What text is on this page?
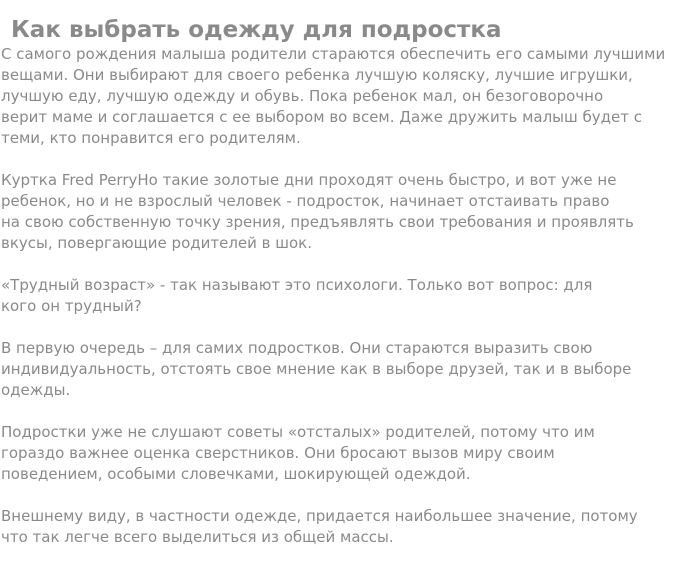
Как выбрать одежду для подростка

С самого рождения малыша родители стараются обеспечить его самыми лучшими
вещами. Они выбирают для своего ребенка лучшую коляску, лучшие игрушки,
лучшую еду, лучшую одежду и обувь. Пока ребенок мал, он безоговорочно
верит маме и соглашается с ее выбором во всем. Даже дружить малыш будет с
теми, кто понравится его родителям.

Куртка Fred PerryНо такие золотые дни проходят очень быстро, и вот уже не
ребенок, но и не взрослый человек - подросток, начинает отстаивать право
на свою собственную точку зрения, предъявлять свои требования и проявлять
вкусы, повергающие родителей в шок.

«Трудный возраст» - так называют это психологи. Только вот вопрос: для
кого он трудный?

В первую очередь – для самих подростков. Они стараются выразить свою
индивидуальность, отстоять свое мнение как в выборе друзей, так и в выборе
одежды.

Подростки уже не слушают советы «отсталых» родителей, потому что им
гораздо важнее оценка сверстников. Они бросают вызов миру своим
поведением, особыми словечками, шокирующей одеждой.

Внешнему виду, в частности одежде, придается наибольшее значение, потому
что так легче всего выделиться из общей массы.
